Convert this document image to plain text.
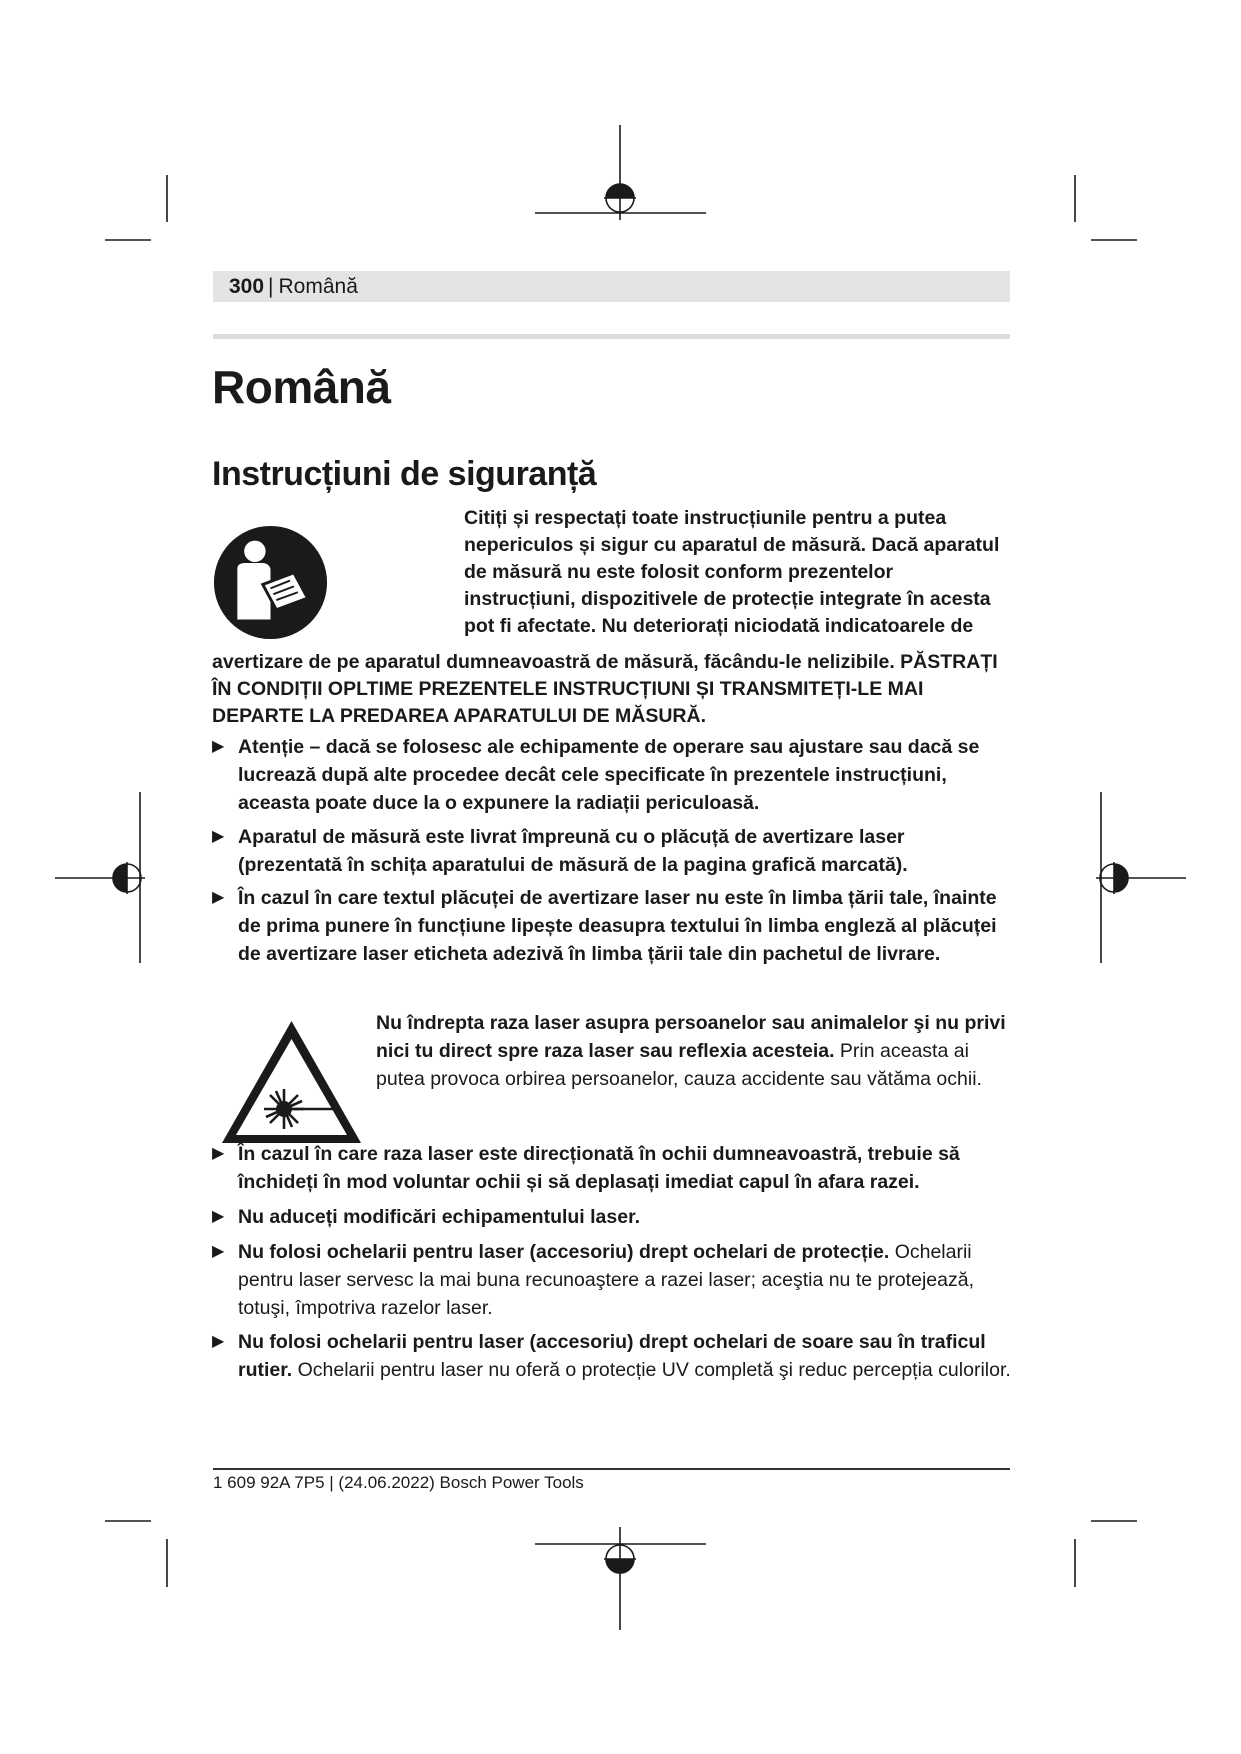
300 | Română
Română
Instrucțiuni de siguranță
Citiți și respectați toate instrucțiunile pentru a putea nepericulos și sigur cu aparatul de măsură. Dacă aparatul de măsură nu este folosit conform prezentelor instrucțiuni, dispozitivele de protecție integrate în acesta pot fi afectate. Nu deteriorați niciodată indicatoarele de
avertizare de pe aparatul dumneavoastră de măsură, făcându-le nelizibile. PĂSTRAȚI ÎN CONDIȚII OPLTIME PREZENTELE INSTRUCȚIUNI ȘI TRANSMITEȚI-LE MAI DEPARTE LA PREDAREA APARATULUI DE MĂSURĂ.
▶ Atenție – dacă se folosesc ale echipamente de operare sau ajustare sau dacă se lucrează după alte procedee decât cele specificate în prezentele instrucțiuni, aceasta poate duce la o expunere la radiații periculoasă.
▶ Aparatul de măsură este livrat împreună cu o plăcuță de avertizare laser (prezentată în schița aparatului de măsură de la pagina grafică marcată).
▶ În cazul în care textul plăcuței de avertizare laser nu este în limba țării tale, înainte de prima punere în funcțiune lipește deasupra textului în limba engleză al plăcuței de avertizare laser eticheta adezivă în limba țării tale din pachetul de livrare.
Nu îndrepta raza laser asupra persoanelor sau animalelor şi nu privi nici tu direct spre raza laser sau reflexia acesteia. Prin aceasta ai putea provoca orbirea persoanelor, cauza accidente sau vătăma ochii.
▶ În cazul în care raza laser este direcționată în ochii dumneavoastră, trebuie să închideți în mod voluntar ochii și să deplasați imediat capul în afara razei.
▶ Nu aduceți modificări echipamentului laser.
▶ Nu folosi ochelarii pentru laser (accesoriu) drept ochelari de protecție. Ochelarii pentru laser servesc la mai buna recunoaştere a razei laser; aceştia nu te protejează, totuşi, împotriva razelor laser.
▶ Nu folosi ochelarii pentru laser (accesoriu) drept ochelari de soare sau în traficul rutier. Ochelarii pentru laser nu oferă o protecție UV completă şi reduc percepția culorilor.
1 609 92A 7P5 | (24.06.2022) Bosch Power Tools
